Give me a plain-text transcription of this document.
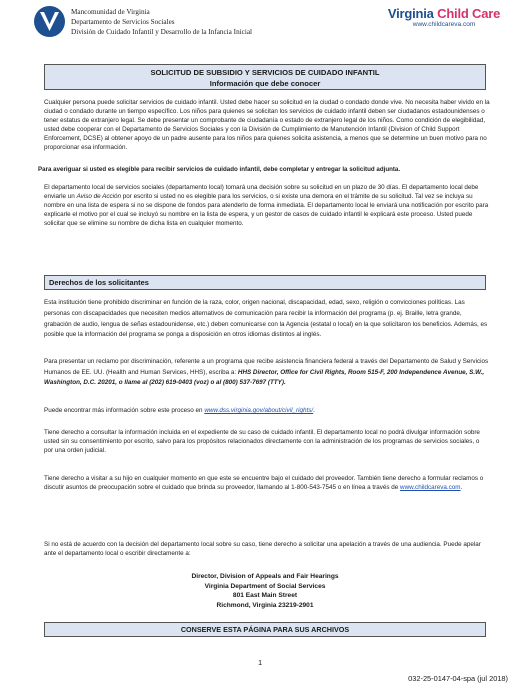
Mancomunidad de Virginia
Departamento de Servicios Sociales
División de Cuidado Infantil y Desarrollo de la Infancia Inicial
Virginia Child Care
www.childcareva.com
SOLICITUD DE SUBSIDIO Y SERVICIOS DE CUIDADO INFANTIL
Información que debe conocer
Cualquier persona puede solicitar servicios de cuidado infantil. Usted debe hacer su solicitud en la ciudad o condado donde vive. No necesita haber vivido en la ciudad o condado durante un tiempo específico. Los niños para quienes se solicitan los servicios de cuidado infantil deben ser ciudadanos estadounidenses o tener estatus de extranjero legal. Se debe presentar un comprobante de ciudadanía o estado de extranjero legal de los niños. Como condición de elegibilidad, usted debe cooperar con el Departamento de Servicios Sociales y con la División de Cumplimiento de Manutención Infantil (Division of Child Support Enforcement, DCSE) al obtener apoyo de un padre ausente para los niños para quienes solicita asistencia, a menos que se determine un buen motivo para no proporcionar esa información.
Para averiguar si usted es elegible para recibir servicios de cuidado infantil, debe completar y entregar la solicitud adjunta.
El departamento local de servicios sociales (departamento local) tomará una decisión sobre su solicitud en un plazo de 30 días. El departamento local debe enviarle un Aviso de Acción por escrito si usted no es elegible para los servicios, o si existe una demora en el trámite de su solicitud. Tal vez se incluya su nombre en una lista de espera si no se dispone de fondos para atenderlo de forma inmediata. El departamento local le enviará una notificación por escrito para explicarle el motivo por el cual se incluyó su nombre en la lista de espera, y un gestor de casos de cuidado infantil le explicará este proceso. Usted puede solicitar que se elimine su nombre de dicha lista en cualquier momento.
Derechos de los solicitantes
Esta institución tiene prohibido discriminar en función de la raza, color, origen nacional, discapacidad, edad, sexo, religión o convicciones políticas. Las personas con discapacidades que necesiten medios alternativos de comunicación para recibir la información del programa (p. ej. Braille, letra grande, grabación de audio, lengua de señas estadounidense, etc.) deben comunicarse con la Agencia (estatal o local) en la que solicitaron los beneficios. Además, es posible que la información del programa se ponga a disposición en otros idiomas distintos al inglés.
Para presentar un reclamo por discriminación, referente a un programa que recibe asistencia financiera federal a través del Departamento de Salud y Servicios Humanos de EE. UU. (Health and Human Services, HHS), escriba a: HHS Director, Office for Civil Rights, Room 515-F, 200 Independence Avenue, S.W., Washington, D.C. 20201, o llame al (202) 619-0403 (voz) o al (800) 537-7697 (TTY).
Puede encontrar más información sobre este proceso en www.dss.virginia.gov/about/civil_rights/.
Tiene derecho a consultar la información incluida en el expediente de su caso de cuidado infantil. El departamento local no podrá divulgar información sobre usted sin su consentimiento por escrito, salvo para los propósitos relacionados directamente con la administración de los programas de servicios sociales, o por una orden judicial.
Tiene derecho a visitar a su hijo en cualquier momento en que este se encuentre bajo el cuidado del proveedor. También tiene derecho a formular reclamos o discutir asuntos de preocupación sobre el cuidado que brinda su proveedor, llamando al 1-800-543-7545 o en línea a través de www.childcareva.com.
Si no está de acuerdo con la decisión del departamento local sobre su caso, tiene derecho a solicitar una apelación a través de una audiencia. Puede apelar ante el departamento local o escribir directamente a:
Director, Division of Appeals and Fair Hearings
Virginia Department of Social Services
801 East Main Street
Richmond, Virginia 23219-2901
CONSERVE ESTA PÁGINA PARA SUS ARCHIVOS
1
032-25-0147-04-spa (jul 2018)
